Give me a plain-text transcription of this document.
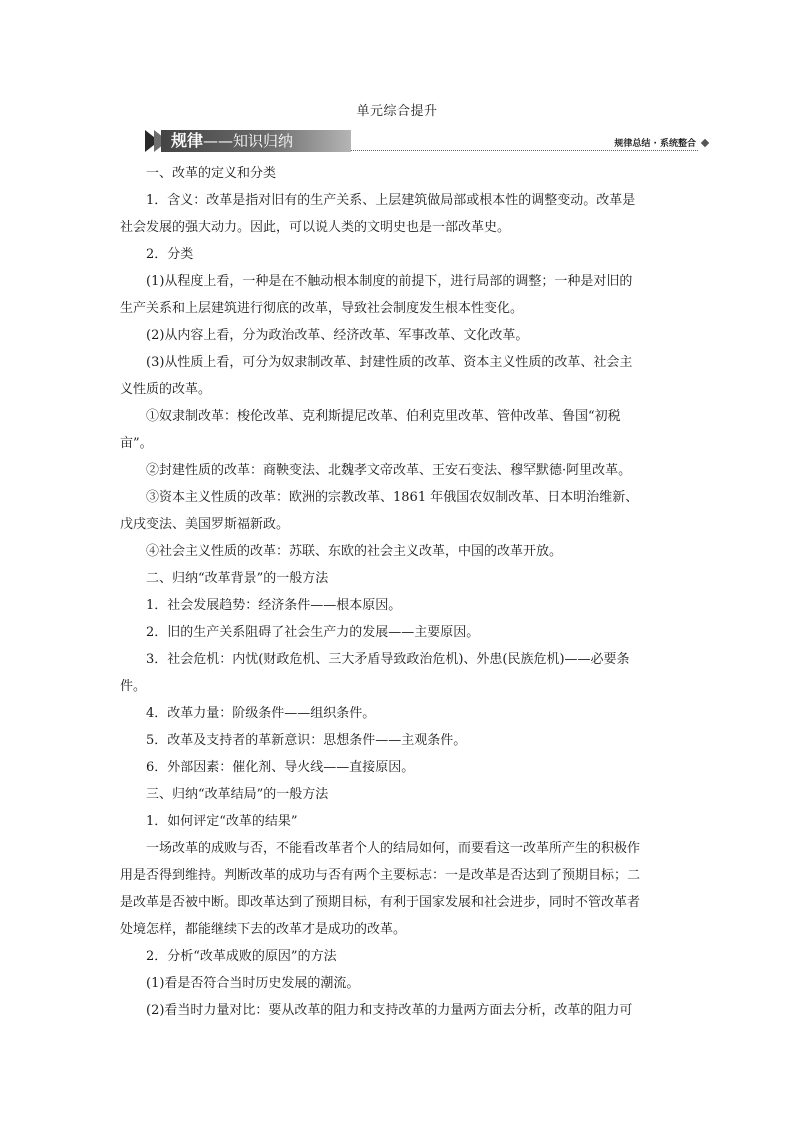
单元综合提升
规律——知识归纳	规律总结 · 系统整合

一、改革的定义和分类

1．含义：改革是指对旧有的生产关系、上层建筑做局部或根本性的调整变动。改革是

社会发展的强大动力。因此，可以说人类的文明史也是一部改革史。

2．分类

(1)从程度上看，一种是在不触动根本制度的前提下，进行局部的调整；一种是对旧的

生产关系和上层建筑进行彻底的改革，导致社会制度发生根本性变化。

(2)从内容上看，分为政治改革、经济改革、军事改革、文化改革。

(3)从性质上看，可分为奴隶制改革、封建性质的改革、资本主义性质的改革、社会主

义性质的改革。

①奴隶制改革：梭伦改革、克利斯提尼改革、伯利克里改革、管仲改革、鲁国“初税

亩”。

②封建性质的改革：商鞅变法、北魏孝文帝改革、王安石变法、穆罕默德·阿里改革。

③资本主义性质的改革：欧洲的宗教改革、1861 年俄国农奴制改革、日本明治维新、

戊戌变法、美国罗斯福新政。

④社会主义性质的改革：苏联、东欧的社会主义改革，中国的改革开放。

二、归纳“改革背景”的一般方法

1．社会发展趋势：经济条件——根本原因。

2．旧的生产关系阻碍了社会生产力的发展——主要原因。

3．社会危机：内忧(财政危机、三大矛盾导致政治危机)、外患(民族危机)——必要条

件。

4．改革力量：阶级条件——组织条件。

5．改革及支持者的革新意识：思想条件——主观条件。

6．外部因素：催化剂、导火线——直接原因。

三、归纳“改革结局”的一般方法

1．如何评定“改革的结果”

一场改革的成败与否，不能看改革者个人的结局如何，而要看这一改革所产生的积极作

用是否得到维持。判断改革的成功与否有两个主要标志：一是改革是否达到了预期目标；二

是改革是否被中断。即改革达到了预期目标，有利于国家发展和社会进步，同时不管改革者

处境怎样，都能继续下去的改革才是成功的改革。

2．分析“改革成败的原因”的方法

(1)看是否符合当时历史发展的潮流。

(2)看当时力量对比：要从改革的阻力和支持改革的力量两方面去分析，改革的阻力可
